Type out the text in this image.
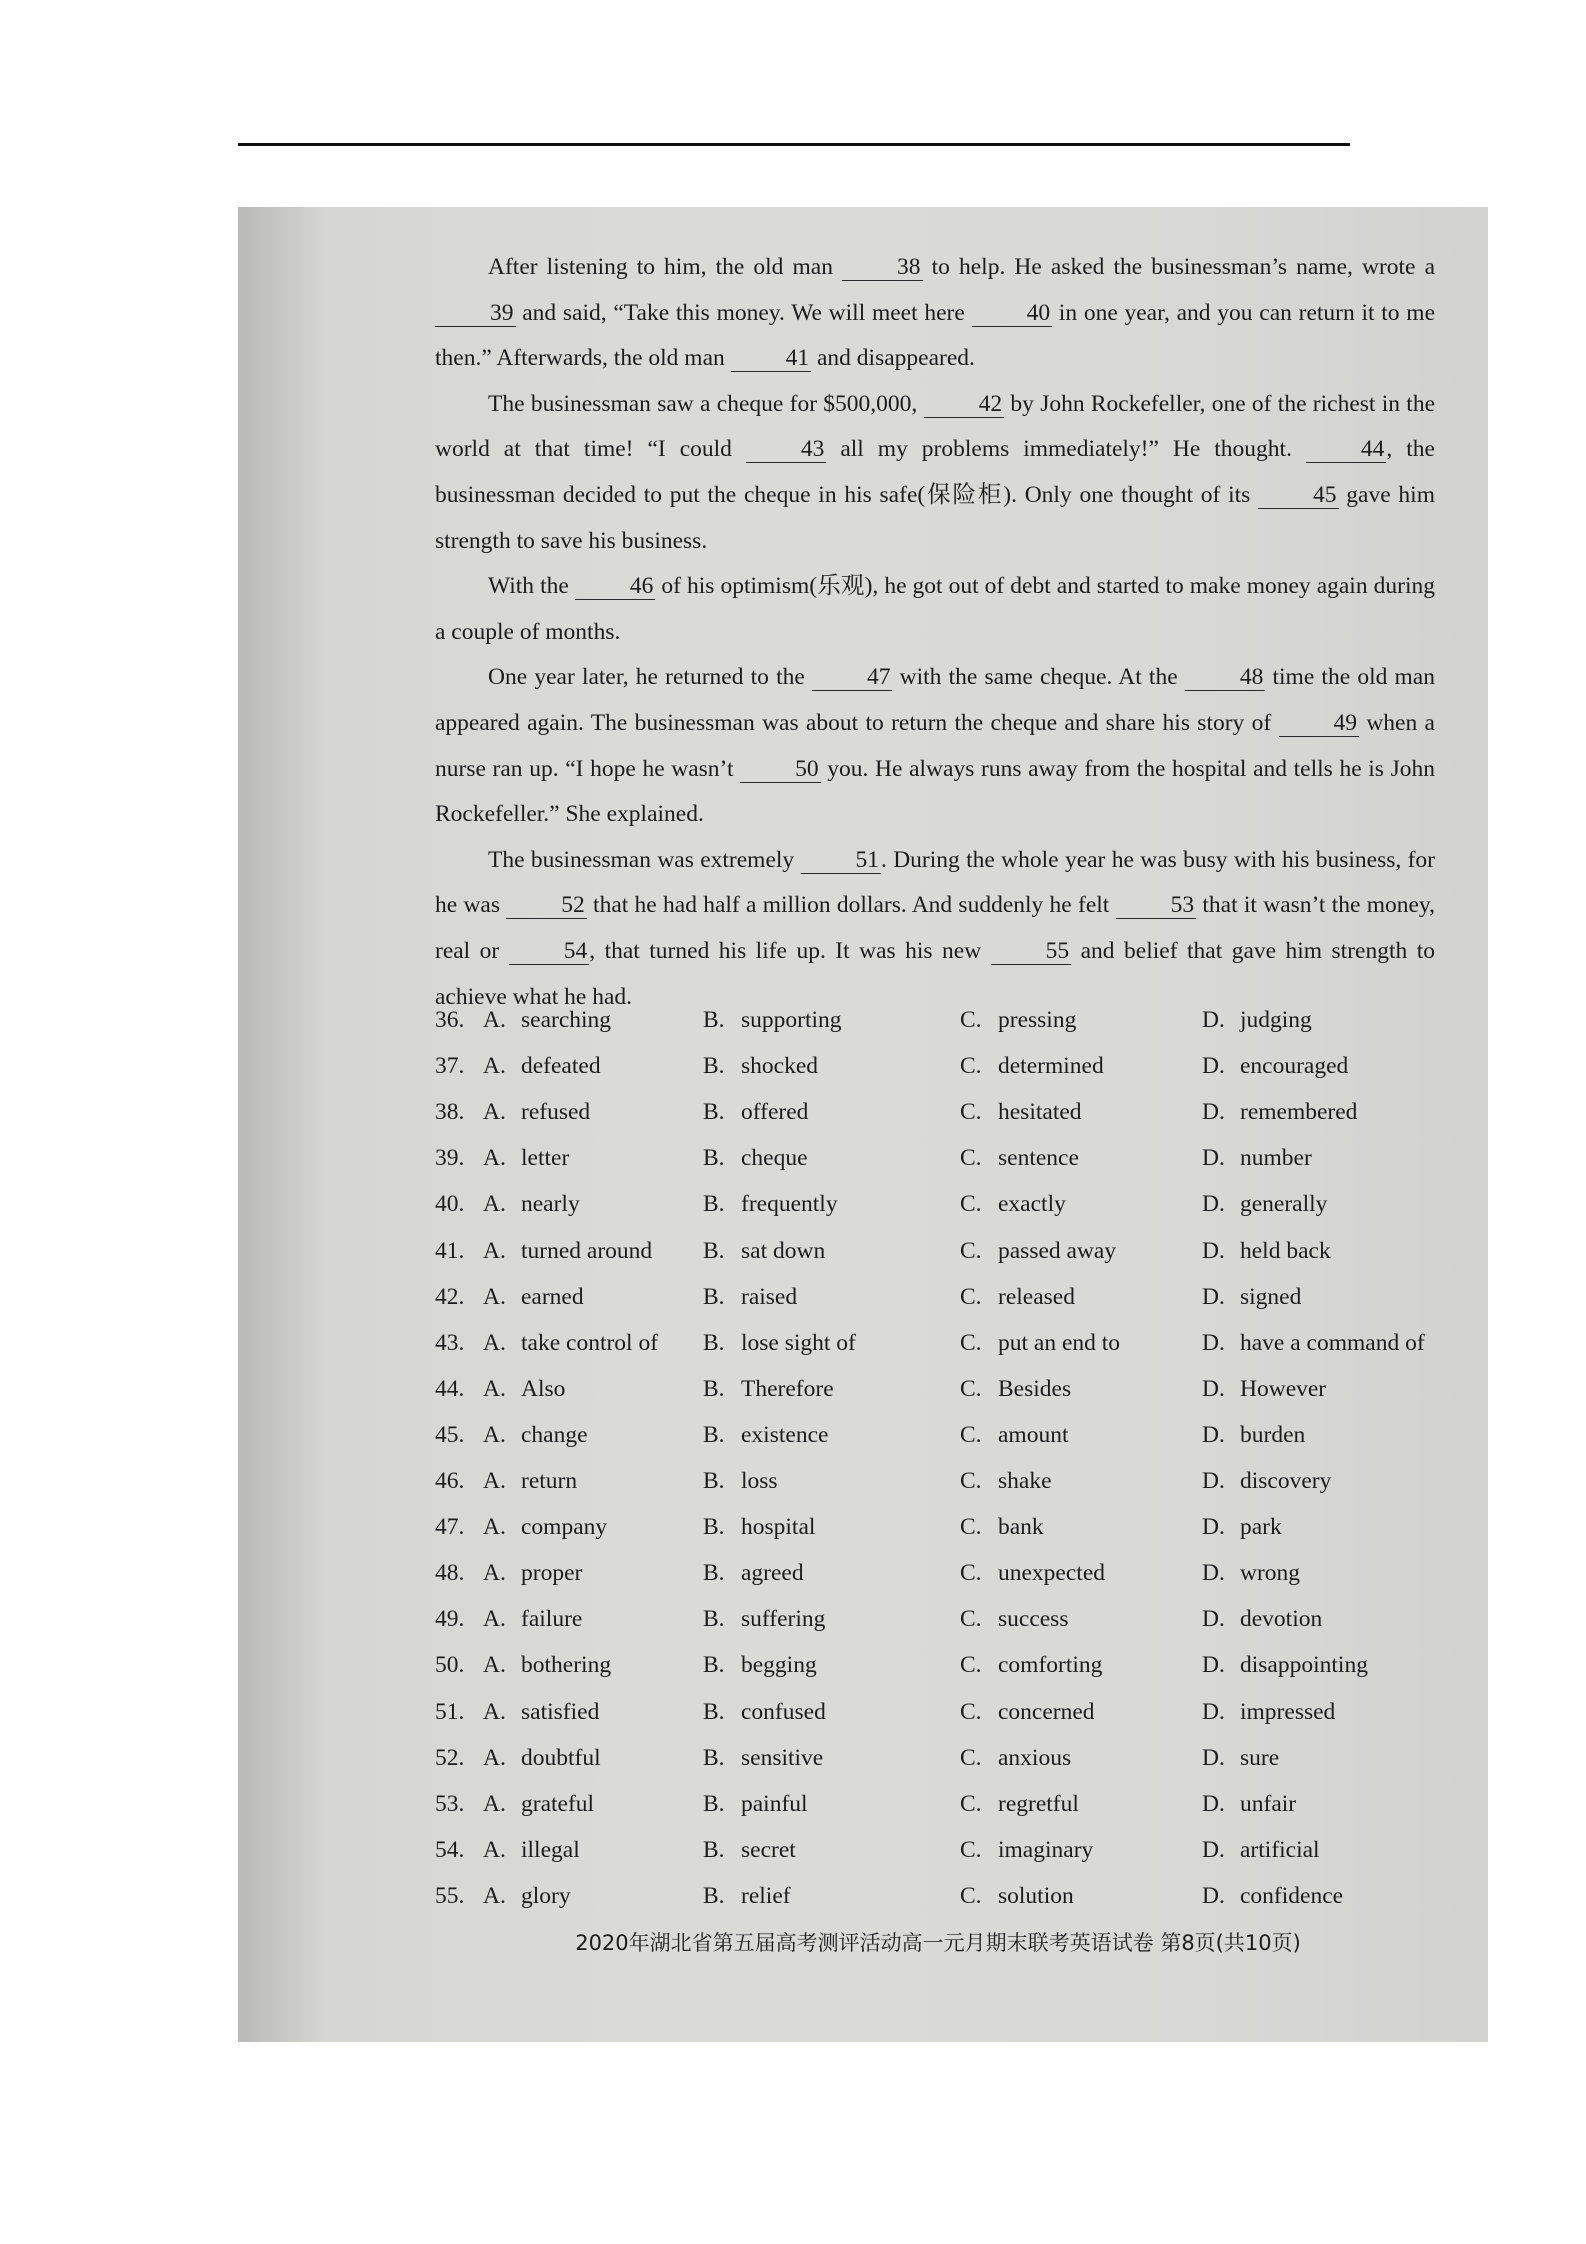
After listening to him, the old man 38 to help. He asked the businessman’s name, wrote a 39 and said, “Take this money. We will meet here 40 in one year, and you can return it to me then.” Afterwards, the old man 41 and disappeared.

The businessman saw a cheque for $500,000, 42 by John Rockefeller, one of the richest in the world at that time! “I could 43 all my problems immediately!” He thought. 44, the businessman decided to put the cheque in his safe(保险柜). Only one thought of its 45 gave him strength to save his business.

With the 46 of his optimism(乐观), he got out of debt and started to make money again during a couple of months.

One year later, he returned to the 47 with the same cheque. At the 48 time the old man appeared again. The businessman was about to return the cheque and share his story of 49 when a nurse ran up. “I hope he wasn’t 50 you. He always runs away from the hospital and tells he is John Rockefeller.” She explained.

The businessman was extremely 51. During the whole year he was busy with his business, for he was 52 that he had half a million dollars. And suddenly he felt 53 that it wasn’t the money, real or 54, that turned his life up. It was his new 55 and belief that gave him strength to achieve what he had.

36. A. searching	B. supporting	C. pressing	D. judging
37. A. defeated	B. shocked	C. determined	D. encouraged
38. A. refused	B. offered	C. hesitated	D. remembered
39. A. letter	B. cheque	C. sentence	D. number
40. A. nearly	B. frequently	C. exactly	D. generally
41. A. turned around B. sat down	C. passed away	D. held back
42. A. earned	B. raised	C. released	D. signed
43. A. take control of B. lose sight of	C. put an end to	D. have a command of
44. A. Also	B. Therefore	C. Besides	D. However
45. A. change	B. existence	C. amount	D. burden
46. A. return	B. loss	C. shake	D. discovery
47. A. company	B. hospital	C. bank	D. park
48. A. proper	B. agreed	C. unexpected	D. wrong
49. A. failure	B. suffering	C. success	D. devotion
50. A. bothering	B. begging	C. comforting	D. disappointing
51. A. satisfied	B. confused	C. concerned	D. impressed
52. A. doubtful	B. sensitive	C. anxious	D. sure
53. A. grateful	B. painful	C. regretful	D. unfair
54. A. illegal	B. secret	C. imaginary	D. artificial
55. A. glory	B. relief	C. solution	D. confidence
2020年湖北省第五届高考测评活动高一元月期末联考英语试卷 第8页(共10页)
